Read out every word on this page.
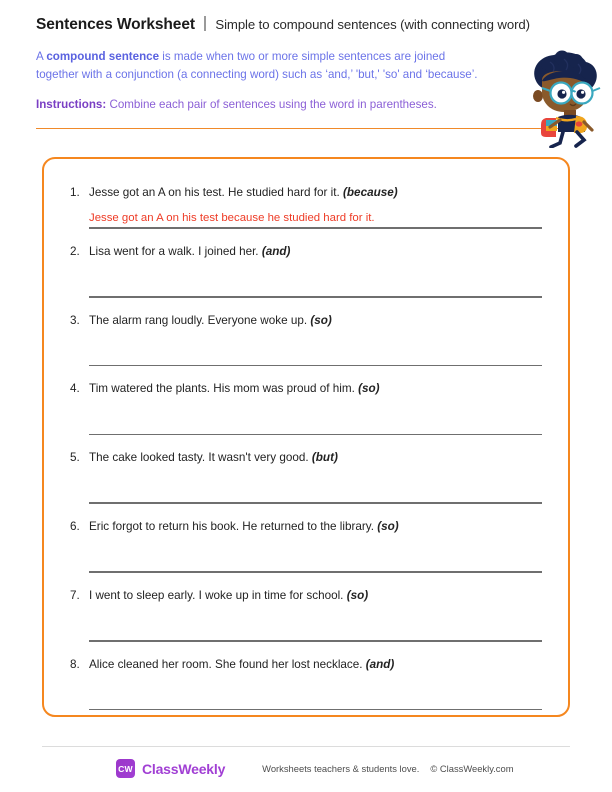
Sentences Worksheet Simple to compound sentences (with connecting word)
A compound sentence is made when two or more simple sentences are joined together with a conjunction (a connecting word) such as ‘and,’ 'but,' 'so' and ‘because’.
Instructions: Combine each pair of sentences using the word in parentheses.
1. Jesse got an A on his test. He studied hard for it. (because)
Jesse got an A on his test because he studied hard for it.
2. Lisa went for a walk. I joined her. (and)
3. The alarm rang loudly. Everyone woke up. (so)
4. Tim watered the plants. His mom was proud of him. (so)
5. The cake looked tasty. It wasn't very good. (but)
6. Eric forgot to return his book. He returned to the library. (so)
7. I went to sleep early. I woke up in time for school. (so)
8. Alice cleaned her room. She found her lost necklace. (and)
CW ClassWeekly	Worksheets teachers & students love. © ClassWeekly.com
